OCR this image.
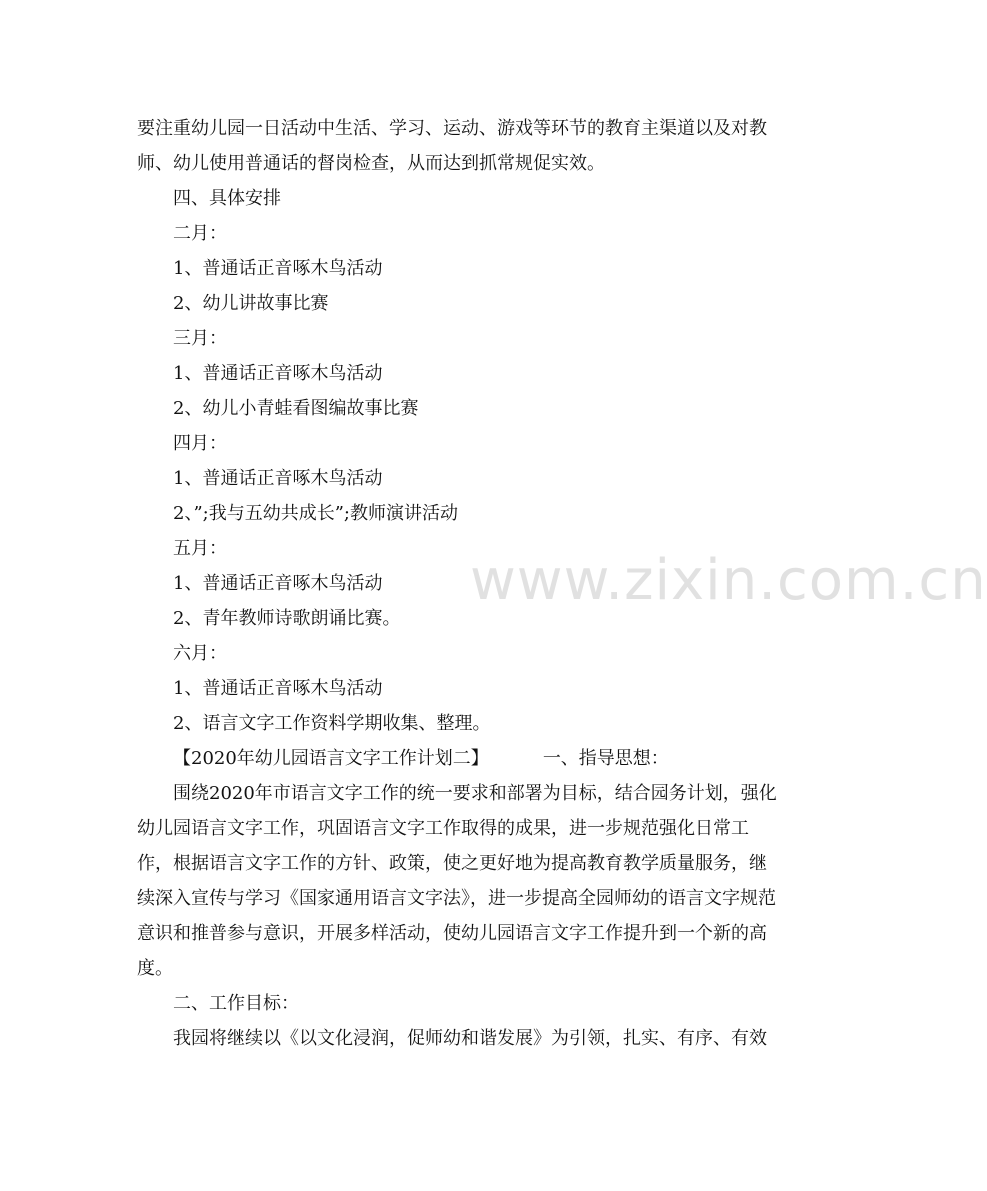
要注重幼儿园一日活动中生活、学习、运动、游戏等环节的教育主渠道以及对教师、幼儿使用普通话的督岗检查，从而达到抓常规促实效。

四、具体安排

二月：

1、普通话正音啄木鸟活动

2、幼儿讲故事比赛

三月：

1、普通话正音啄木鸟活动

2、幼儿小青蛙看图编故事比赛

四月：

1、普通话正音啄木鸟活动

2、”;我与五幼共成长”;教师演讲活动

五月：

1、普通话正音啄木鸟活动

2、青年教师诗歌朗诵比赛。

六月：

1、普通话正音啄木鸟活动

2、语言文字工作资料学期收集、整理。

【2020年幼儿园语言文字工作计划二】	一、指导思想：

围绕2020年市语言文字工作的统一要求和部署为目标，结合园务计划，强化幼儿园语言文字工作，巩固语言文字工作取得的成果，进一步规范强化日常工作，根据语言文字工作的方针、政策，使之更好地为提高教育教学质量服务，继续深入宣传与学习《国家通用语言文字法》，进一步提高全园师幼的语言文字规范意识和推普参与意识，开展多样活动，使幼儿园语言文字工作提升到一个新的高度。

二、工作目标：

我园将继续以《以文化浸润，促师幼和谐发展》为引领，扎实、有序、有效

www.zixin.com.cn
